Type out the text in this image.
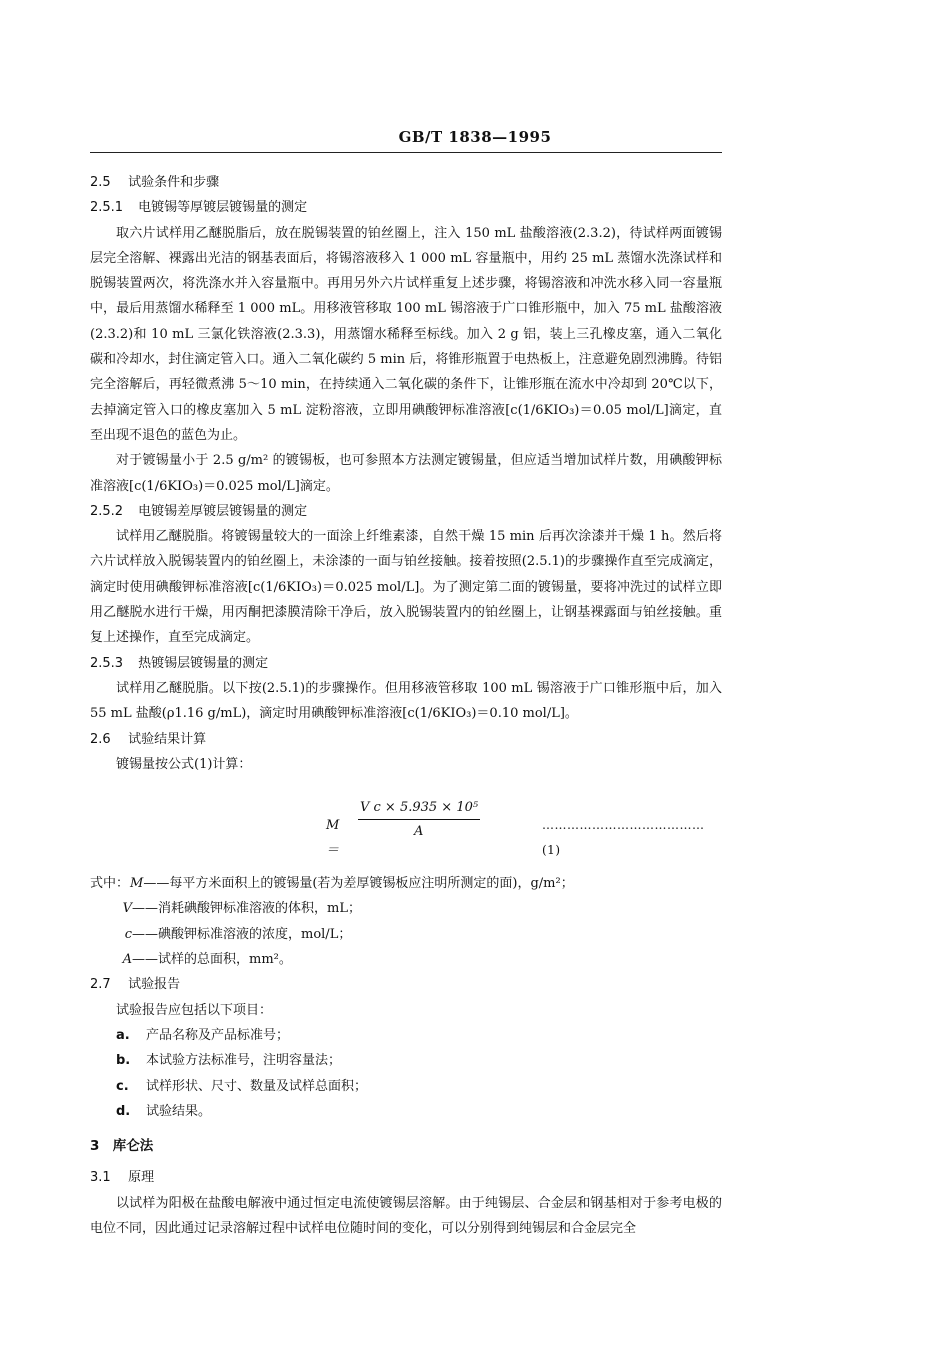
GB/T 1838—1995
2.5 试验条件和步骤
2.5.1 电镀锡等厚镀层镀锡量的测定
取六片试样用乙醚脱脂后，放在脱锡装置的铂丝圈上，注入 150 mL 盐酸溶液(2.3.2)，待试样两面镀锡层完全溶解、裸露出光洁的钢基表面后，将锡溶液移入 1 000 mL 容量瓶中，用约 25 mL 蒸馏水洗涤试样和脱锡装置两次，将洗涤水并入容量瓶中。再用另外六片试样重复上述步骤，将锡溶液和冲洗水移入同一容量瓶中，最后用蒸馏水稀释至 1 000 mL。用移液管移取 100 mL 锡溶液于广口锥形瓶中，加入 75 mL 盐酸溶液(2.3.2)和 10 mL 三氯化铁溶液(2.3.3)，用蒸馏水稀释至标线。加入 2 g 铝，装上三孔橡皮塞，通入二氧化碳和冷却水，封住滴定管入口。通入二氧化碳约 5 min 后，将锥形瓶置于电热板上，注意避免剧烈沸腾。待铝完全溶解后，再轻微煮沸 5～10 min，在持续通入二氧化碳的条件下，让锥形瓶在流水中冷却到 20℃以下，去掉滴定管入口的橡皮塞加入 5 mL 淀粉溶液，立即用碘酸钾标准溶液[c(1/6KIO₃)＝0.05 mol/L]滴定，直至出现不退色的蓝色为止。
对于镀锡量小于 2.5 g/m² 的镀锡板，也可参照本方法测定镀锡量，但应适当增加试样片数，用碘酸钾标准溶液[c(1/6KIO₃)＝0.025 mol/L]滴定。
2.5.2 电镀锡差厚镀层镀锡量的测定
试样用乙醚脱脂。将镀锡量较大的一面涂上纤维素漆，自然干燥 15 min 后再次涂漆并干燥 1 h。然后将六片试样放入脱锡装置内的铂丝圈上，未涂漆的一面与铂丝接触。接着按照(2.5.1)的步骤操作直至完成滴定，滴定时使用碘酸钾标准溶液[c(1/6KIO₃)＝0.025 mol/L]。为了测定第二面的镀锡量，要将冲洗过的试样立即用乙醚脱水进行干燥，用丙酮把漆膜清除干净后，放入脱锡装置内的铂丝圈上，让钢基裸露面与铂丝接触。重复上述操作，直至完成滴定。
2.5.3 热镀锡层镀锡量的测定
试样用乙醚脱脂。以下按(2.5.1)的步骤操作。但用移液管移取 100 mL 锡溶液于广口锥形瓶中后，加入 55 mL 盐酸(ρ1.16 g/mL)，滴定时用碘酸钾标准溶液[c(1/6KIO₃)＝0.10 mol/L]。
2.6 试验结果计算
镀锡量按公式(1)计算：
M ＝
V c × 5.935 × 10⁵
A	…………………………………(1)
式中：M——每平方米面积上的镀锡量(若为差厚镀锡板应注明所测定的面)，g/m²；
V——消耗碘酸钾标准溶液的体积，mL；
c——碘酸钾标准溶液的浓度，mol/L；
A——试样的总面积，mm²。
2.7 试验报告
试验报告应包括以下项目：
a. 产品名称及产品标准号；
b. 本试验方法标准号，注明容量法；
c. 试样形状、尺寸、数量及试样总面积；
d. 试验结果。
3 库仑法
3.1 原理
以试样为阳极在盐酸电解液中通过恒定电流使镀锡层溶解。由于纯锡层、合金层和钢基相对于参考电极的电位不同，因此通过记录溶解过程中试样电位随时间的变化，可以分别得到纯锡层和合金层完全
